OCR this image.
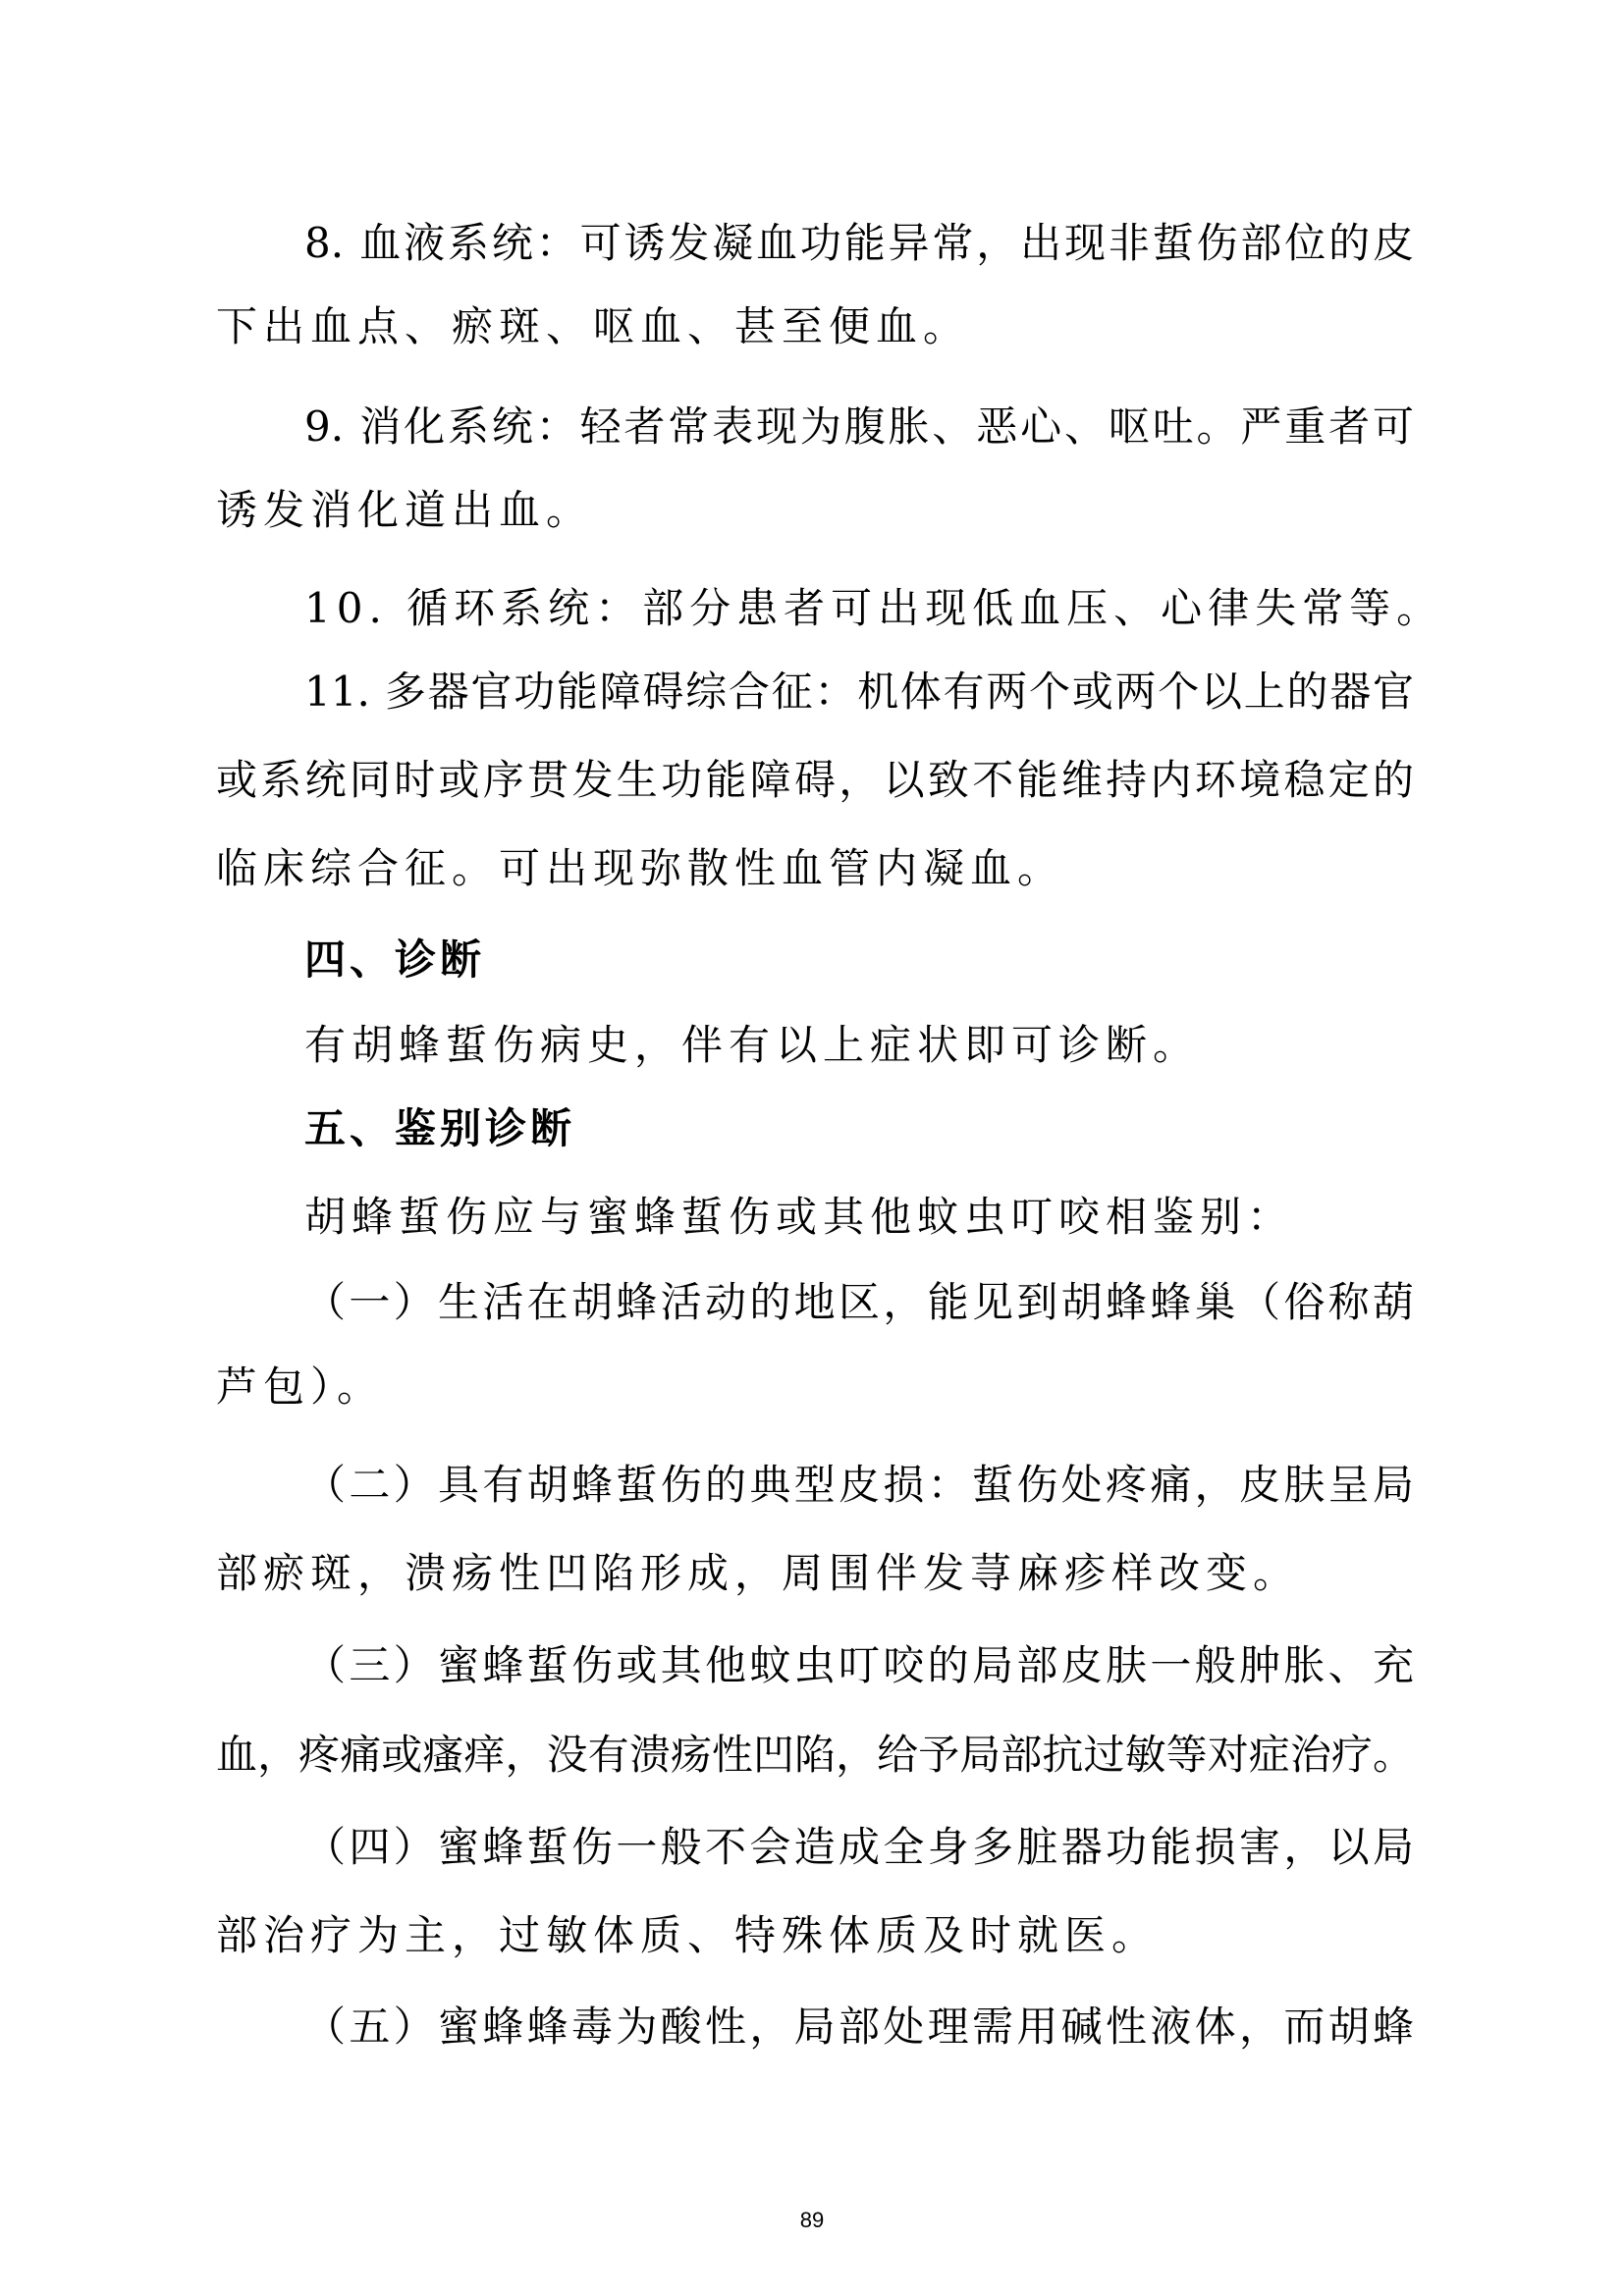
8. 血液系统：可诱发凝血功能异常，出现非蜇伤部位的皮
下出血点、瘀斑、呕血、甚至便血。
9. 消化系统：轻者常表现为腹胀、恶心、呕吐。严重者可
诱发消化道出血。
10. 循环系统：部分患者可出现低血压、心律失常等。
11. 多器官功能障碍综合征：机体有两个或两个以上的器官
或系统同时或序贯发生功能障碍，以致不能维持内环境稳定的
临床综合征。可出现弥散性血管内凝血。
四、诊断
有胡蜂蜇伤病史，伴有以上症状即可诊断。
五、鉴别诊断
胡蜂蜇伤应与蜜蜂蜇伤或其他蚊虫叮咬相鉴别：
（一）生活在胡蜂活动的地区，能见到胡蜂蜂巢（俗称葫
芦包）。
（二）具有胡蜂蜇伤的典型皮损：蜇伤处疼痛，皮肤呈局
部瘀斑，溃疡性凹陷形成，周围伴发荨麻疹样改变。
（三）蜜蜂蜇伤或其他蚊虫叮咬的局部皮肤一般肿胀、充
血，疼痛或瘙痒，没有溃疡性凹陷，给予局部抗过敏等对症治疗。
（四）蜜蜂蜇伤一般不会造成全身多脏器功能损害，以局
部治疗为主，过敏体质、特殊体质及时就医。
（五）蜜蜂蜂毒为酸性，局部处理需用碱性液体，而胡蜂
89
